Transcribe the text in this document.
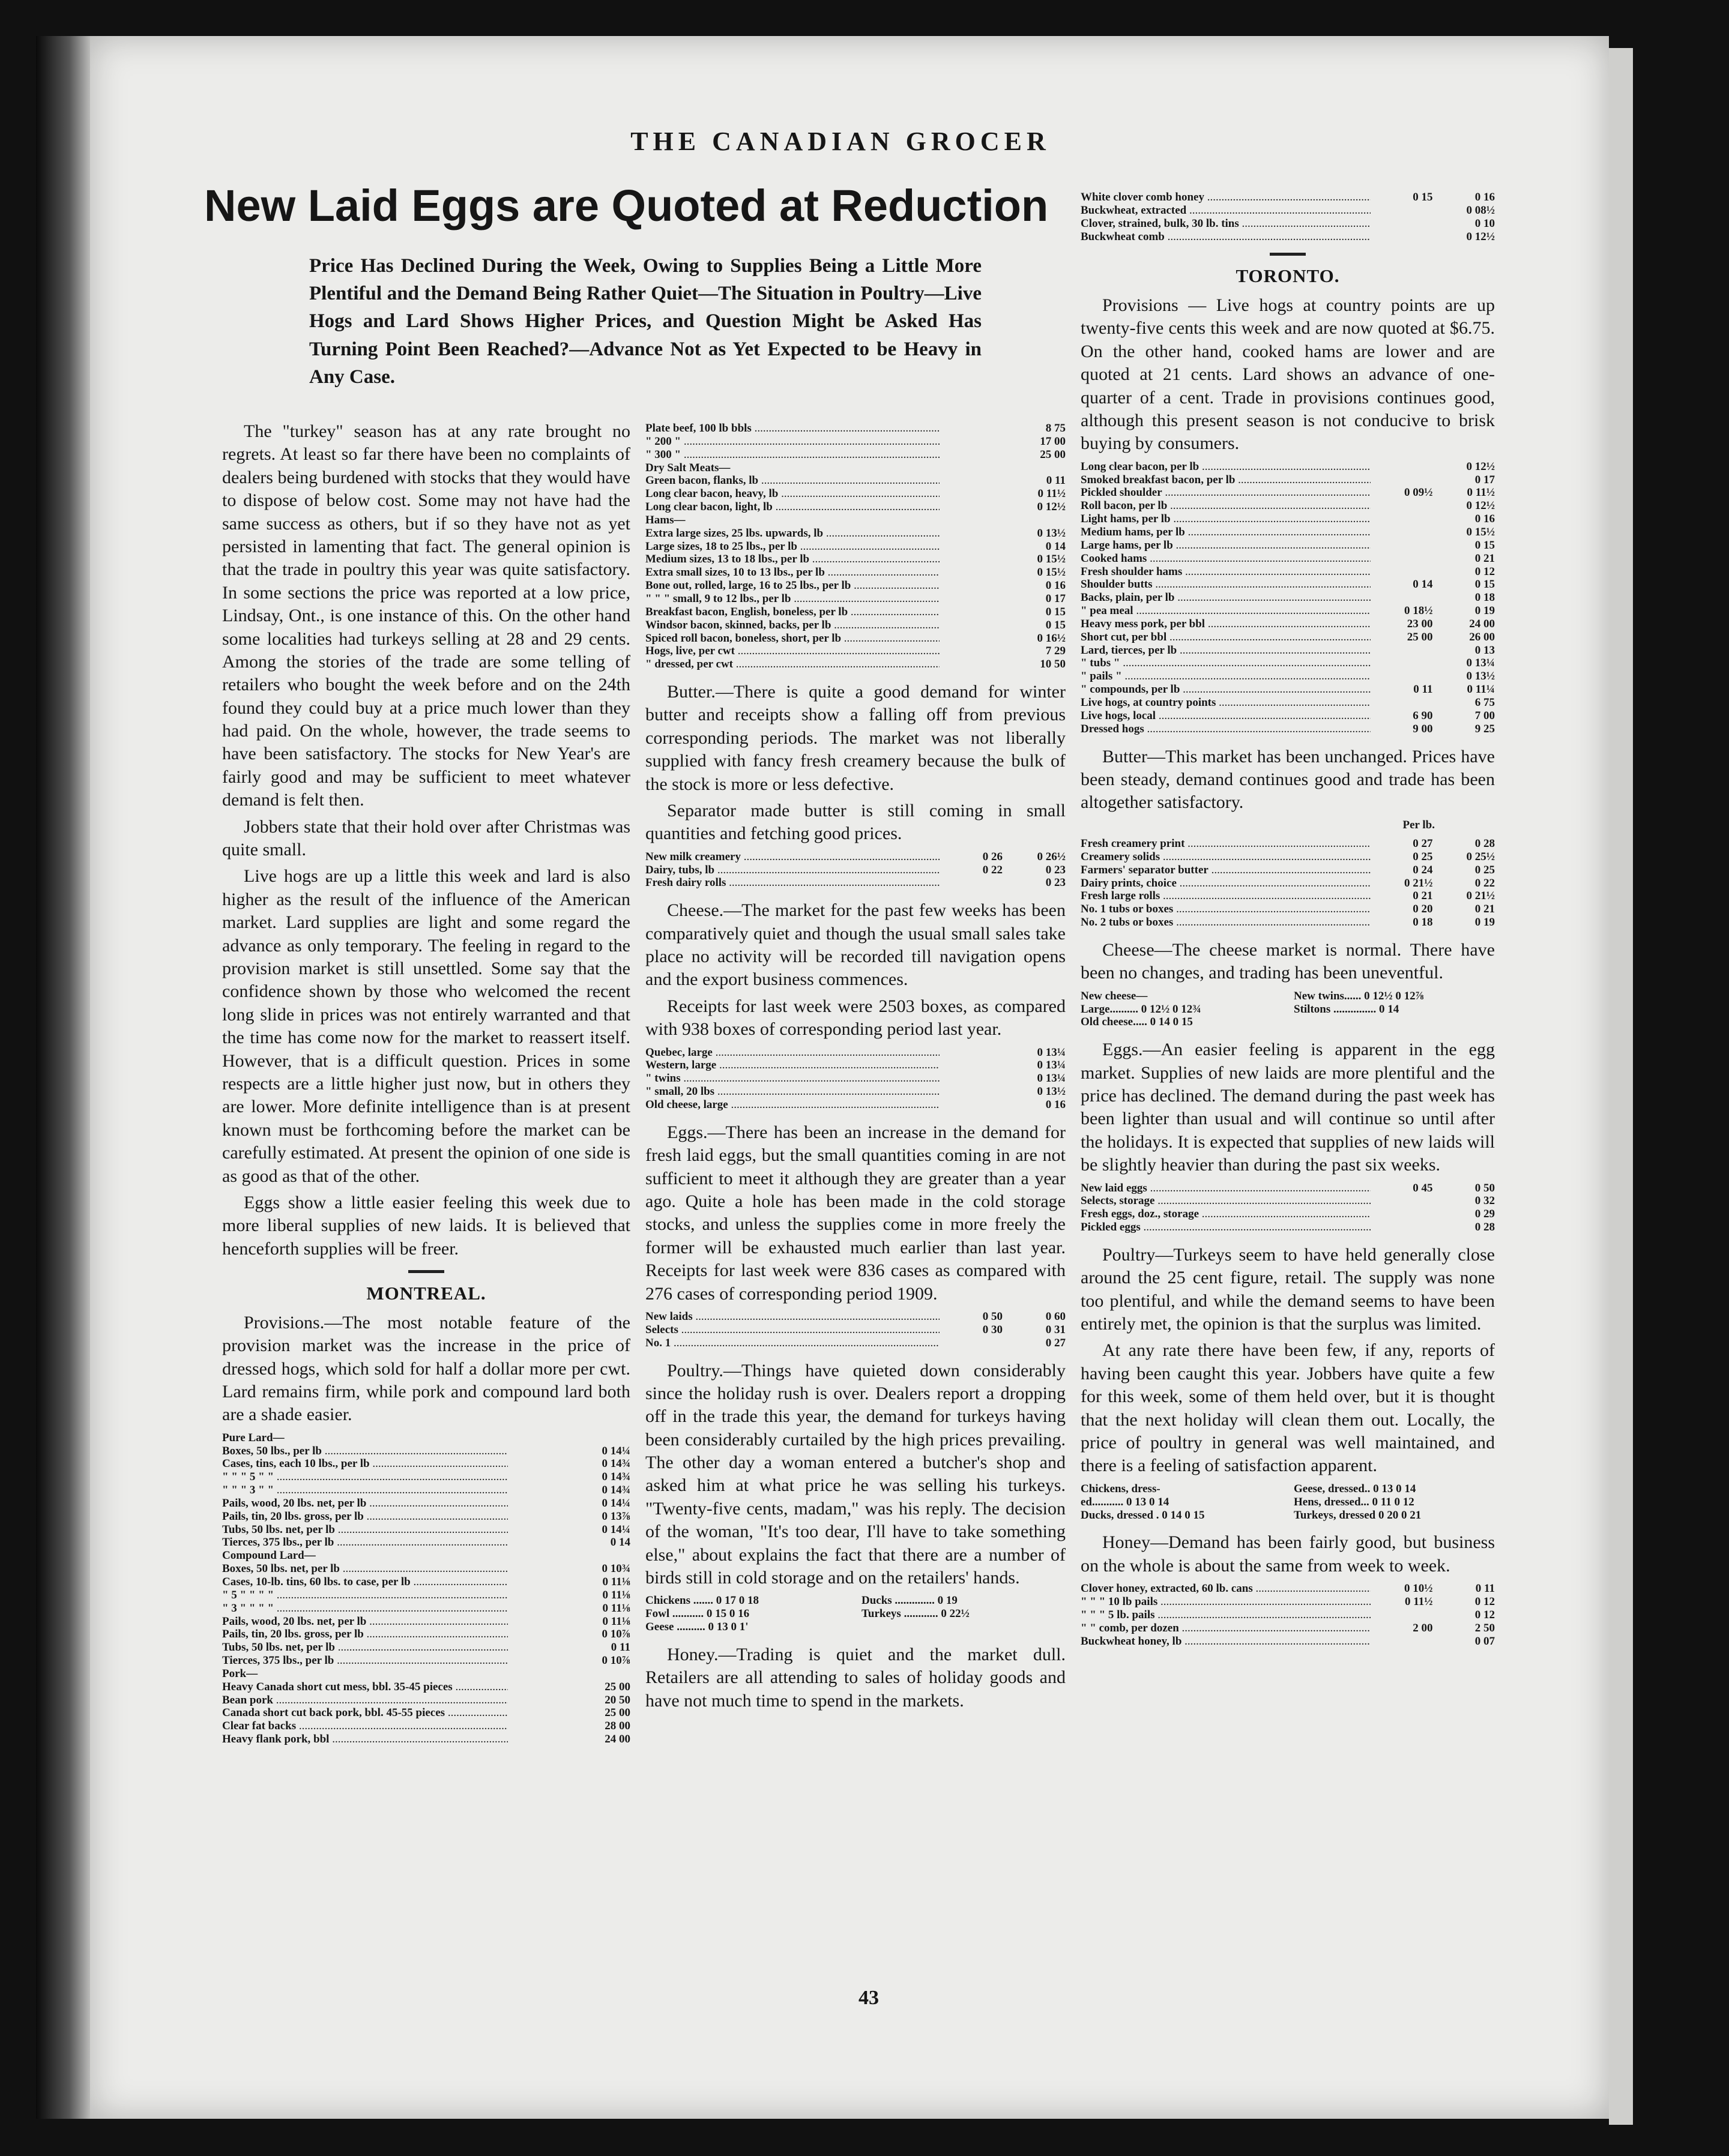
THE CANADIAN GROCER
New Laid Eggs are Quoted at Reduction

Price Has Declined During the Week, Owing to Supplies Being a Little More Plentiful and the Demand Being Rather Quiet—The Situation in Poultry—Live Hogs and Lard Shows Higher Prices, and Question Might be Asked Has Turning Point Been Reached?—Advance Not as Yet Expected to be Heavy in Any Case.

The "turkey" season has at any rate brought no regrets. At least so far there have been no complaints of dealers being burdened with stocks that they would have to dispose of below cost. Some may not have had the same success as others, but if so they have not as yet persisted in lamenting that fact. The general opinion is that the trade in poultry this year was quite satisfactory. In some sections the price was reported at a low price, Lindsay, Ont., is one instance of this. On the other hand some localities had turkeys selling at 28 and 29 cents. Among the stories of the trade are some telling of retailers who bought the week before and on the 24th found they could buy at a price much lower than they had paid. On the whole, however, the trade seems to have been satisfactory. The stocks for New Year's are fairly good and may be sufficient to meet whatever demand is felt then.

Jobbers state that their hold over after Christmas was quite small.

Live hogs are up a little this week and lard is also higher as the result of the influence of the American market. Lard supplies are light and some regard the advance as only temporary. The feeling in regard to the provision market is still unsettled. Some say that the confidence shown by those who welcomed the recent long slide in prices was not entirely warranted and that the time has come now for the market to reassert itself. However, that is a difficult question. Prices in some respects are a little higher just now, but in others they are lower. More definite intelligence than is at present known must be forthcoming before the market can be carefully estimated. At present the opinion of one side is as good as that of the other.

Eggs show a little easier feeling this week due to more liberal supplies of new laids. It is believed that henceforth supplies will be freer.

MONTREAL.

Provisions.—The most notable feature of the provision market was the increase in the price of dressed hogs, which sold for half a dollar more per cwt. Lard remains firm, while pork and compound lard both are a shade easier.

Pure Lard—		
Boxes, 50 lbs., per lb .....		0 14¼
Cases, tins, each 10 lbs., per lb .....		0 14¾
" " " 5 " " .....		0 14¾
" " " 3 " " .....		0 14¾
Pails, wood, 20 lbs. net, per lb .....		0 14¼
Pails, tin, 20 lbs. gross, per lb .....		0 13⅞
Tubs, 50 lbs. net, per lb .....		0 14¼
Tierces, 375 lbs., per lb .....		0 14
Compound Lard—		
Boxes, 50 lbs. net, per lb .....		0 10¾
Cases, 10-lb. tins, 60 lbs. to case, per lb .....		0 11⅛
" 5 " " " " .....		0 11⅛
" 3 " " " " .....		0 11⅛
Pails, wood, 20 lbs. net, per lb .....		0 11⅛
Pails, tin, 20 lbs. gross, per lb .....		0 10⅞
Tubs, 50 lbs. net, per lb .....		0 11
Tierces, 375 lbs., per lb .....		0 10⅞
Pork—		
Heavy Canada short cut mess, bbl. 35-45 pieces .....		25 00
Bean pork .....		20 50
Canada short cut back pork, bbl. 45-55 pieces .....		25 00
Clear fat backs .....		28 00
Heavy flank pork, bbl .....		24 00
Plate beef, 100 lb bbls .....		8 75
" 200 " .....		17 00
" 300 " .....		25 00
Dry Salt Meats—		
Green bacon, flanks, lb .....		0 11
Long clear bacon, heavy, lb .....		0 11½
Long clear bacon, light, lb .....		0 12½
Hams—		
Extra large sizes, 25 lbs. upwards, lb .....		0 13½
Large sizes, 18 to 25 lbs., per lb .....		0 14
Medium sizes, 13 to 18 lbs., per lb .....		0 15½
Extra small sizes, 10 to 13 lbs., per lb .....		0 15½
Bone out, rolled, large, 16 to 25 lbs., per lb .....		0 16
" " " small, 9 to 12 lbs., per lb .....		0 17
Breakfast bacon, English, boneless, per lb .....		0 15
Windsor bacon, skinned, backs, per lb .....		0 15
Spiced roll bacon, boneless, short, per lb .....		0 16½
Hogs, live, per cwt .....		7 29
" dressed, per cwt .....		10 50

Butter.—There is quite a good demand for winter butter and receipts show a falling off from previous corresponding periods. The market was not liberally supplied with fancy fresh creamery because the bulk of the stock is more or less defective.

Separator made butter is still coming in small quantities and fetching good prices.

New milk creamery .....	0 26	0 26½
Dairy, tubs, lb .....	0 22	0 23
Fresh dairy rolls .....		0 23

Cheese.—The market for the past few weeks has been comparatively quiet and though the usual small sales take place no activity will be recorded till navigation opens and the export business commences.

Receipts for last week were 2503 boxes, as compared with 938 boxes of corresponding period last year.

Quebec, large .....		0 13¼
Western, large .....		0 13¼
" twins .....		0 13¼
" small, 20 lbs .....		0 13½
Old cheese, large .....		0 16

Eggs.—There has been an increase in the demand for fresh laid eggs, but the small quantities coming in are not sufficient to meet it although they are greater than a year ago. Quite a hole has been made in the cold storage stocks, and unless the supplies come in more freely the former will be exhausted much earlier than last year. Receipts for last week were 836 cases as compared with 276 cases of corresponding period 1909.

New laids .....	0 50	0 60
Selects .....	0 30	0 31
No. 1 .....		0 27

Poultry.—Things have quieted down considerably since the holiday rush is over. Dealers report a dropping off in the trade this year, the demand for turkeys having been considerably curtailed by the high prices prevailing. The other day a woman entered a butcher's shop and asked him at what price he was selling his turkeys. "Twenty-five cents, madam," was his reply. The decision of the woman, "It's too dear, I'll have to take something else," about explains the fact that there are a number of birds still in cold storage and on the retailers' hands.

Chickens ....... 0 17 0 18	Ducks .............. 0 19
Fowl ........... 0 15 0 16	Turkeys ............ 0 22½
Geese .......... 0 13 0 1'

Honey.—Trading is quiet and the market dull. Retailers are all attending to sales of holiday goods and have not much time to spend in the markets.

White clover comb honey .....	0 15	0 16
Buckwheat, extracted .....		0 08½
Clover, strained, bulk, 30 lb. tins .....		0 10
Buckwheat comb .....		0 12½
TORONTO.

Provisions — Live hogs at country points are up twenty-five cents this week and are now quoted at $6.75. On the other hand, cooked hams are lower and are quoted at 21 cents. Lard shows an advance of one-quarter of a cent. Trade in provisions continues good, although this present season is not conducive to brisk buying by consumers.

Long clear bacon, per lb .....		0 12½
Smoked breakfast bacon, per lb .....		0 17
Pickled shoulder .....	0 09½	0 11½
Roll bacon, per lb .....		0 12½
Light hams, per lb .....		0 16
Medium hams, per lb .....		0 15½
Large hams, per lb .....		0 15
Cooked hams .....		0 21
Fresh shoulder hams .....		0 12
Shoulder butts .....	0 14	0 15
Backs, plain, per lb .....		0 18
" pea meal .....	0 18½	0 19
Heavy mess pork, per bbl .....	23 00	24 00
Short cut, per bbl .....	25 00	26 00
Lard, tierces, per lb .....		0 13
" tubs " .....		0 13¼
" pails " .....		0 13½
" compounds, per lb .....	0 11	0 11¼
Live hogs, at country points .....		6 75
Live hogs, local .....	6 90	7 00
Dressed hogs .....	9 00	9 25

Butter—This market has been unchanged. Prices have been steady, demand continues good and trade has been altogether satisfactory.

Per lb.
Fresh creamery print .....	0 27	0 28
Creamery solids .....	0 25	0 25½
Farmers' separator butter .....	0 24	0 25
Dairy prints, choice .....	0 21½	0 22
Fresh large rolls .....	0 21	0 21½
No. 1 tubs or boxes .....	0 20	0 21
No. 2 tubs or boxes .....	0 18	0 19

Cheese—The cheese market is normal. There have been no changes, and trading has been uneventful.

New cheese—	New twins...... 0 12½ 0 12⅞
Large.......... 0 12½ 0 12¾	Stiltons ............... 0 14
Old cheese..... 0 14 0 15

Eggs.—An easier feeling is apparent in the egg market. Supplies of new laids are more plentiful and the price has declined. The demand during the past week has been lighter than usual and will continue so until after the holidays. It is expected that supplies of new laids will be slightly heavier than during the past six weeks.

New laid eggs .....	0 45	0 50
Selects, storage .....		0 32
Fresh eggs, doz., storage .....		0 29
Pickled eggs .....		0 28

Poultry—Turkeys seem to have held generally close around the 25 cent figure, retail. The supply was none too plentiful, and while the demand seems to have been entirely met, the opinion is that the surplus was limited.

At any rate there have been few, if any, reports of having been caught this year. Jobbers have quite a few for this week, some of them held over, but it is thought that the next holiday will clean them out. Locally, the price of poultry in general was well maintained, and there is a feeling of satisfaction apparent.

Chickens, dress-	Geese, dressed.. 0 13 0 14
ed........... 0 13 0 14	Hens, dressed... 0 11 0 12
Ducks, dressed . 0 14 0 15	Turkeys, dressed 0 20 0 21

Honey—Demand has been fairly good, but business on the whole is about the same from week to week.

Clover honey, extracted, 60 lb. cans .....	0 10½	0 11
" " " 10 lb pails .....	0 11½	0 12
" " " 5 lb. pails .....		0 12
" " comb, per dozen .....	2 00	2 50
Buckwheat honey, lb .....		0 07
43
